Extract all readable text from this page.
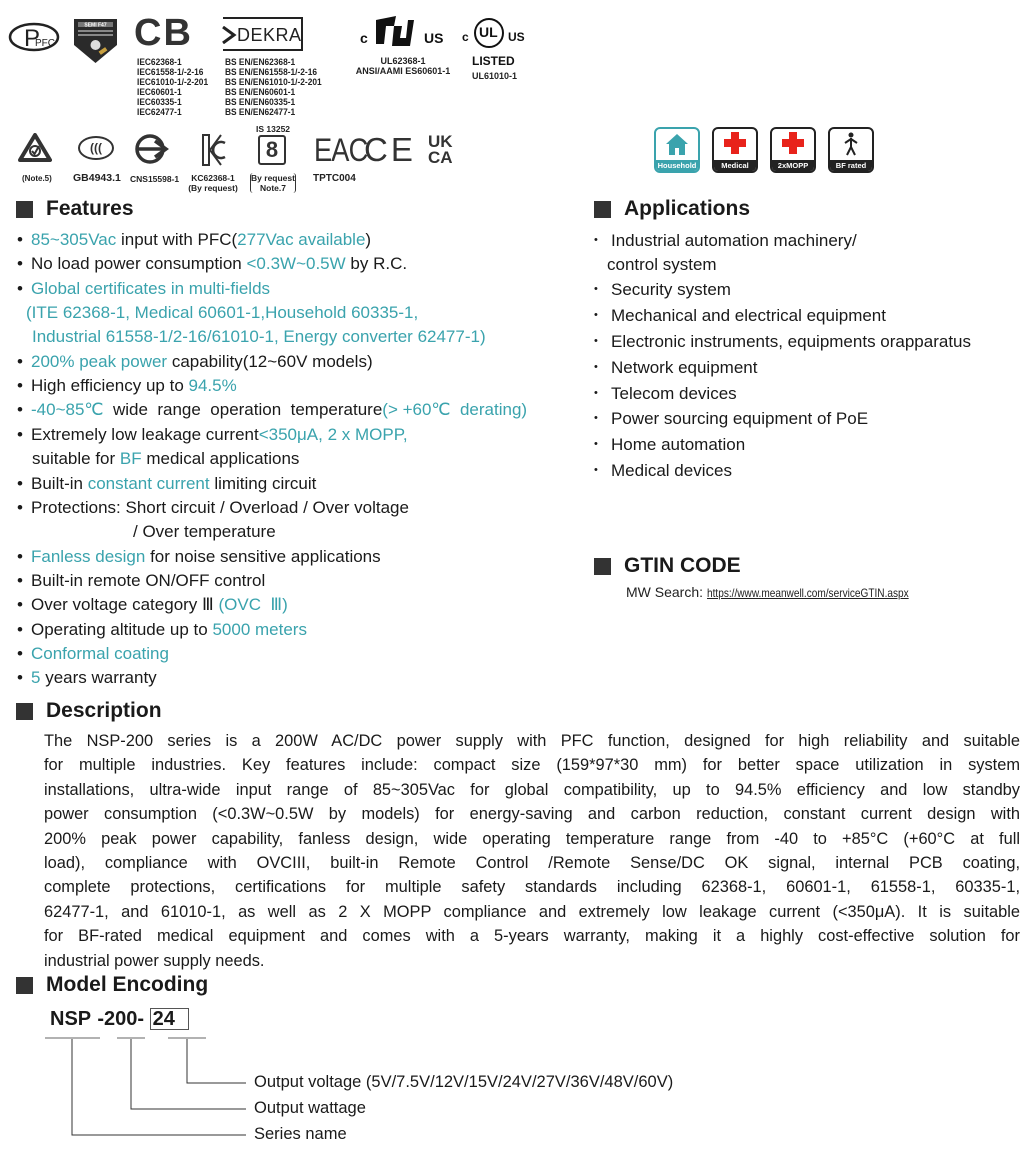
P
PFC
SEMI F47 CB
IEC62368-1
IEC61558-1/-2-16
IEC61010-1/-2-201
IEC60601-1
IEC60335-1
IEC62477-1
DEKRA
BS EN/EN62368-1
BS EN/EN61558-1/-2-16
BS EN/EN61010-1/-2-201
BS EN/EN60601-1
BS EN/EN60335-1
BS EN/EN62477-1
c	US
UL62368-1
ANSI/AAMI ES60601-1
c UL US
LISTED
UL61010-1
(Note.5)
(((
GB4943.1 CNS15598-1	KC62368-1
(By request)
IS 13252
8
By request
Note.7
EAC
TPTC004
CE UK
CA	Household	Medical	2xMOPP	BF rated
Features
• 85~305Vac input with PFC(277Vac available)
• No load power consumption <0.3W~0.5W by R.C.
• Global certificates in multi-fields
(ITE 62368-1, Medical 60601-1,Household 60335-1,
Industrial 61558-1/2-16/61010-1, Energy converter 62477-1)
• 200% peak power capability(12~60V models)
• High efficiency up to 94.5%
• -40~85℃  wide  range  operation  temperature(> +60℃  derating)
• Extremely low leakage current<350μA, 2 x MOPP,
suitable for BF medical applications
• Built-in constant current limiting circuit
• Protections: Short circuit / Overload / Over voltage
/ Over temperature
• Fanless design for noise sensitive applications
• Built-in remote ON/OFF control
• Over voltage category Ⅲ (OVC  Ⅲ)
• Operating altitude up to 5000 meters
• Conformal coating
• 5 years warranty
Applications
• Industrial automation machinery/
control system
• Security system
• Mechanical and electrical equipment
• Electronic instruments, equipments orapparatus
• Network equipment
• Telecom devices
• Power sourcing equipment of PoE
• Home automation
• Medical devices
GTIN CODE
MW Search: https://www.meanwell.com/serviceGTIN.aspx
Description
The NSP-200 series is a 200W AC/DC power supply with PFC function, designed for high reliability and suitable
for multiple industries. Key features include: compact size (159*97*30 mm) for better space utilization in system
installations, ultra-wide input range of 85~305Vac for global compatibility, up to 94.5% efficiency and low standby
power consumption (<0.3W~0.5W by models) for energy-saving and carbon reduction, constant current design with
200% peak power capability, fanless design, wide operating temperature range from -40 to +85°C (+60°C at full
load), compliance with OVCIII, built-in Remote Control /Remote Sense/DC OK signal, internal PCB coating,
complete protections, certifications for multiple safety standards including 62368-1, 60601-1, 61558-1, 60335-1,
62477-1, and 61010-1, as well as 2 X MOPP compliance and extremely low leakage current (<350μA). It is suitable
for BF-rated medical equipment and comes with a 5-years warranty, making it a highly cost-effective solution for
industrial power supply needs.
Model Encoding
NSP -200- 24
Output voltage (5V/7.5V/12V/15V/24V/27V/36V/48V/60V)
Output wattage
Series name
